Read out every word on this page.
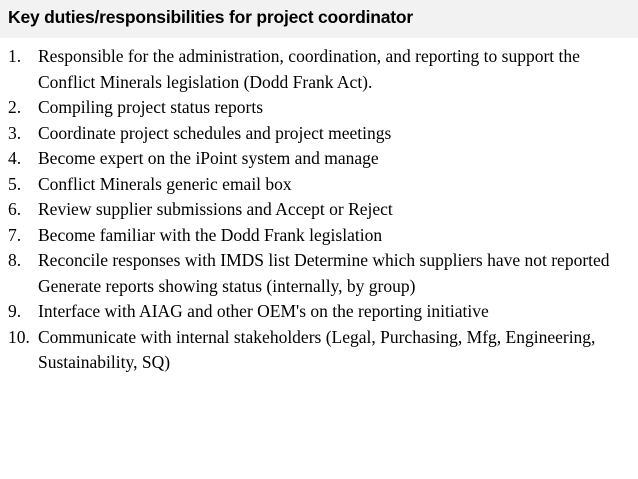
Key duties/responsibilities for project coordinator
1. Responsible for the administration, coordination, and reporting to support the Conflict Minerals legislation (Dodd Frank Act).
2. Compiling project status reports
3. Coordinate project schedules and project meetings
4. Become expert on the iPoint system and manage
5. Conflict Minerals generic email box
6. Review supplier submissions and Accept or Reject
7. Become familiar with the Dodd Frank legislation
8. Reconcile responses with IMDS list Determine which suppliers have not reported Generate reports showing status (internally, by group)
9. Interface with AIAG and other OEM's on the reporting initiative
10. Communicate with internal stakeholders (Legal, Purchasing, Mfg, Engineering, Sustainability, SQ)
